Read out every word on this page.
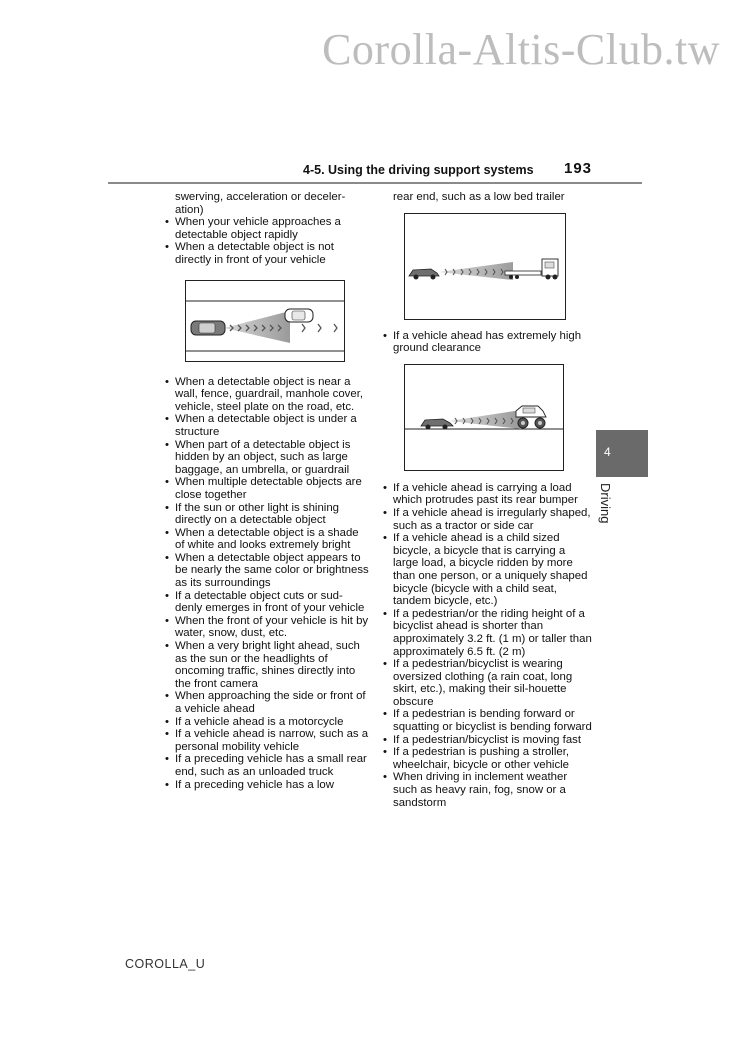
Corolla-Altis-Club.tw
4-5. Using the driving support systems 193

swerving, acceleration or deceler-ation)

• When your vehicle approaches a detectable object rapidly
• When a detectable object is not directly in front of your vehicle
• When a detectable object is near a wall, fence, guardrail, manhole cover, vehicle, steel plate on the road, etc.
• When a detectable object is under a structure
• When part of a detectable object is hidden by an object, such as large baggage, an umbrella, or guardrail
• When multiple detectable objects are close together
• If the sun or other light is shining directly on a detectable object
• When a detectable object is a shade of white and looks extremely bright
• When a detectable object appears to be nearly the same color or brightness as its surroundings
• If a detectable object cuts or sud-denly emerges in front of your vehicle
• When the front of your vehicle is hit by water, snow, dust, etc.
• When a very bright light ahead, such as the sun or the headlights of oncoming traffic, shines directly into the front camera
• When approaching the side or front of a vehicle ahead
• If a vehicle ahead is a motorcycle
• If a vehicle ahead is narrow, such as a personal mobility vehicle
• If a preceding vehicle has a small rear end, such as an unloaded truck
• If a preceding vehicle has a low

rear end, such as a low bed trailer

• If a vehicle ahead has extremely high ground clearance
• If a vehicle ahead is carrying a load which protrudes past its rear bumper
• If a vehicle ahead is irregularly shaped, such as a tractor or side car
• If a vehicle ahead is a child sized bicycle, a bicycle that is carrying a large load, a bicycle ridden by more than one person, or a uniquely shaped bicycle (bicycle with a child seat, tandem bicycle, etc.)
• If a pedestrian/or the riding height of a bicyclist ahead is shorter than approximately 3.2 ft. (1 m) or taller than approximately 6.5 ft. (2 m)
• If a pedestrian/bicyclist is wearing oversized clothing (a rain coat, long skirt, etc.), making their sil-houette obscure
• If a pedestrian is bending forward or squatting or bicyclist is bending forward
• If a pedestrian/bicyclist is moving fast
• If a pedestrian is pushing a stroller, wheelchair, bicycle or other vehicle
• When driving in inclement weather such as heavy rain, fog, snow or a sandstorm
4
Driving
COROLLA_U
